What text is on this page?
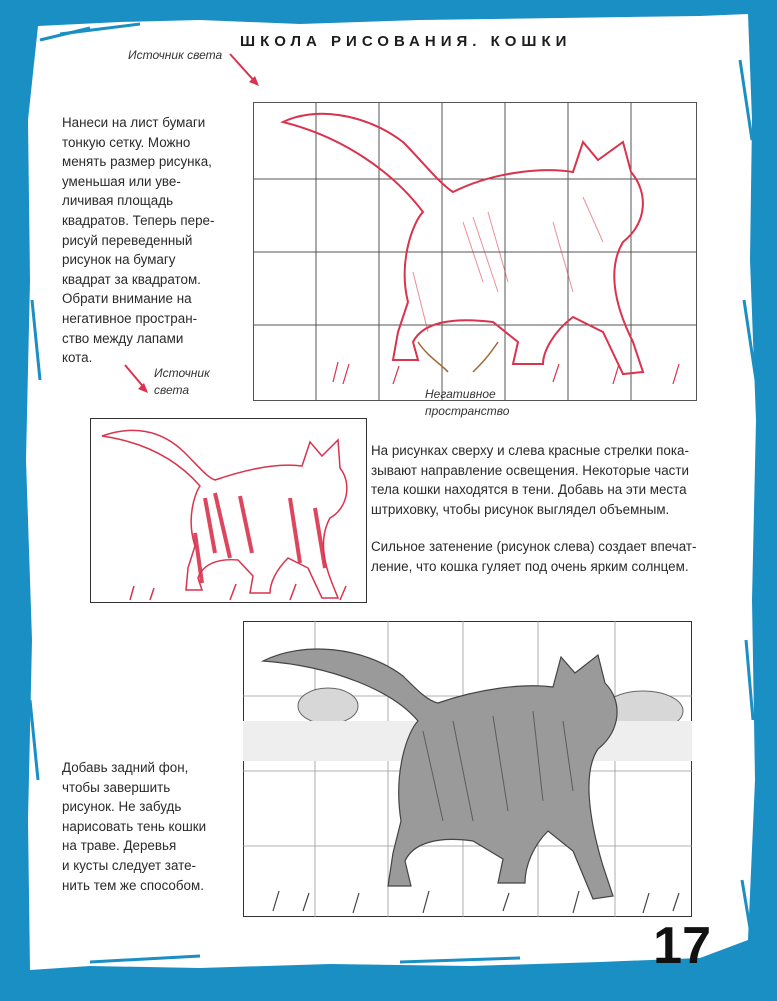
ШКОЛА РИСОВАНИЯ. КОШКИ
Источник света

Нанеси на лист бумаги

тонкую сетку. Можно

менять размер рисунка,

уменьшая или уве-

личивая площадь

квадратов. Теперь пере-

рисуй переведенный

рисунок на бумагу

квадрат за квадратом.

Обрати внимание на

негативное простран-

ство между лапами

кота.

Негативное
пространство
Источник
света

На рисунках сверху и слева красные стрелки пока-

зывают направление освещения. Некоторые части

тела кошки находятся в тени. Добавь на эти места

штриховку, чтобы рисунок выглядел объемным.

Сильное затенение (рисунок слева) создает впечат-

ление, что кошка гуляет под очень ярким солнцем.

Добавь задний фон,

чтобы завершить

рисунок. Не забудь

нарисовать тень кошки

на траве. Деревья

и кусты следует зате-

нить тем же способом.

17
